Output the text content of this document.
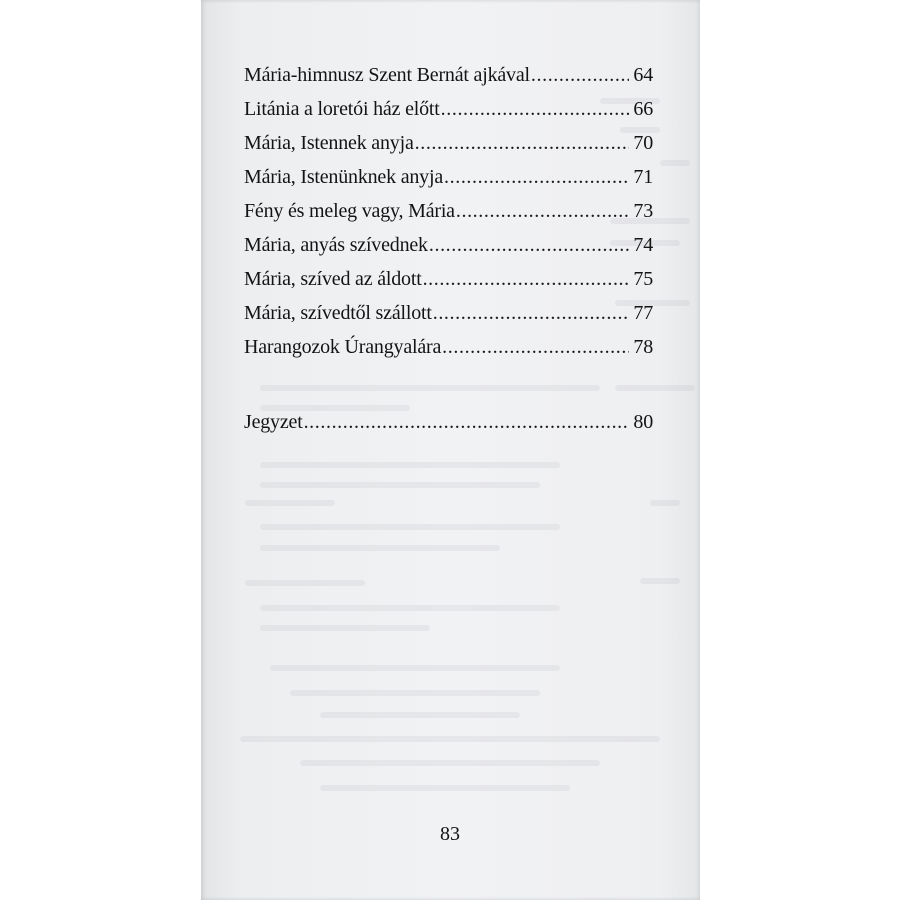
Mária-himnusz Szent Bernát ajkával .....	64
Litánia a loretói ház előtt .....	66
Mária, Istennek anyja .....	70
Mária, Istenünknek anyja .....	71
Fény és meleg vagy, Mária .....	73
Mária, anyás szívednek .....	74
Mária, szíved az áldott .....	75
Mária, szívedtől szállott .....	77
Harangozok Úrangyalára .....	78
Jegyzet .....	80
83
